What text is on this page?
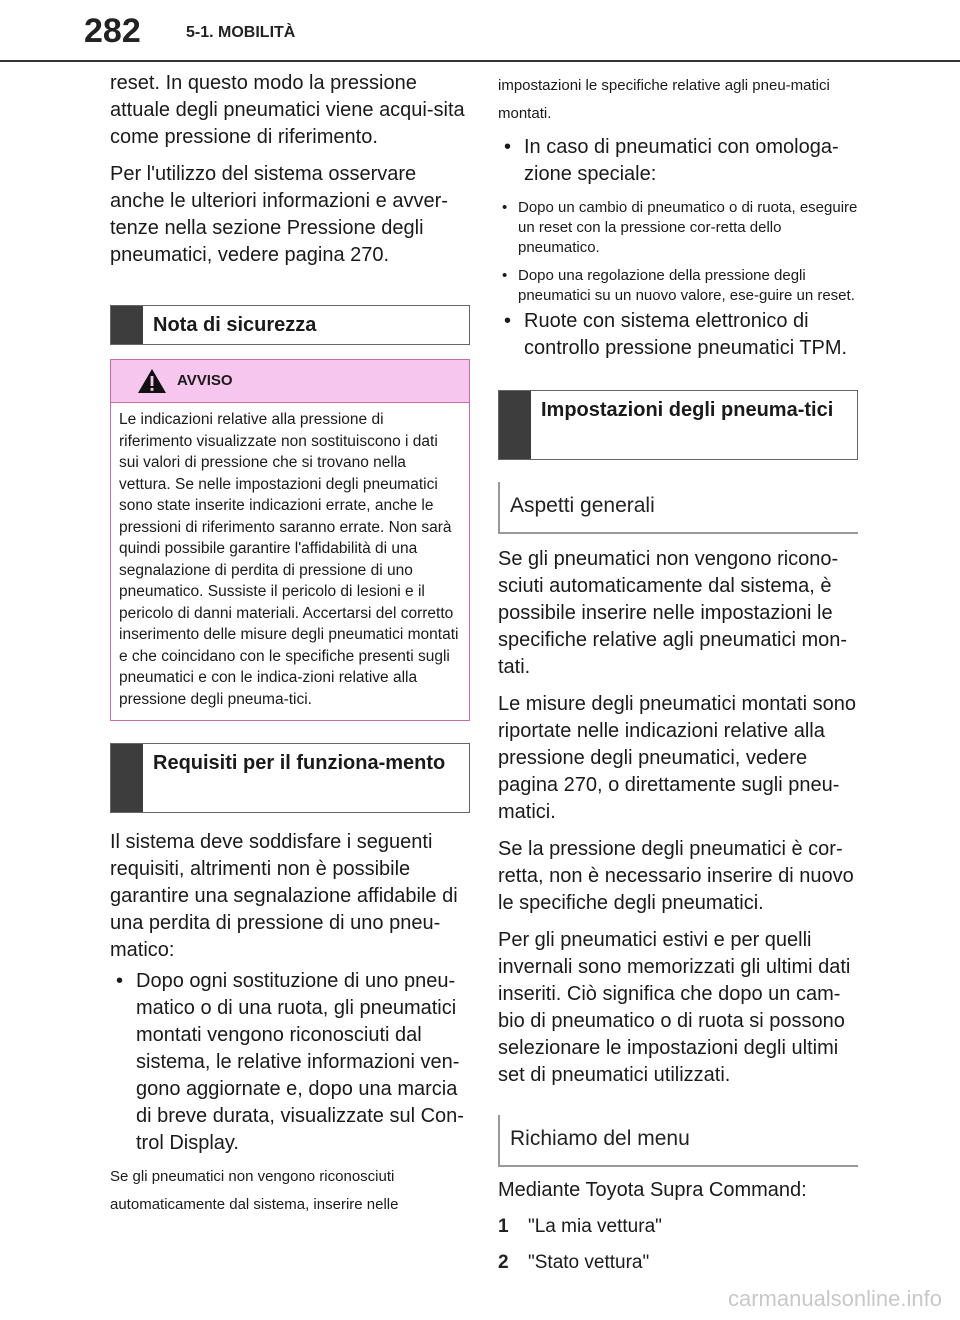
282	5-1. MOBILITÀ

reset. In questo modo la pressione attuale degli pneumatici viene acqui-sita come pressione di riferimento.

Per l'utilizzo del sistema osservare anche le ulteriori informazioni e avver-tenze nella sezione Pressione degli pneumatici, vedere pagina 270.

Nota di sicurezza
AVVISO
Le indicazioni relative alla pressione di riferimento visualizzate non sostituiscono i dati sui valori di pressione che si trovano nella vettura. Se nelle impostazioni degli pneumatici sono state inserite indicazioni errate, anche le pressioni di riferimento saranno errate. Non sarà quindi possibile garantire l'affidabilità di una segnalazione di perdita di pressione di uno pneumatico. Sussiste il pericolo di lesioni e il pericolo di danni materiali. Accertarsi del corretto inserimento delle misure degli pneumatici montati e che coincidano con le specifiche presenti sugli pneumatici e con le indica-zioni relative alla pressione degli pneuma-tici.
Requisiti per il funziona-mento

Il sistema deve soddisfare i seguenti requisiti, altrimenti non è possibile garantire una segnalazione affidabile di una perdita di pressione di uno pneu-matico:

• Dopo ogni sostituzione di uno pneu-matico o di una ruota, gli pneumatici montati vengono riconosciuti dal sistema, le relative informazioni ven-gono aggiornate e, dopo una marcia di breve durata, visualizzate sul Con-trol Display.

Se gli pneumatici non vengono riconosciuti automaticamente dal sistema, inserire nelle

impostazioni le specifiche relative agli pneu-matici montati.

• In caso di pneumatici con omologa-zione speciale:
• Dopo un cambio di pneumatico o di ruota, eseguire un reset con la pressione cor-retta dello pneumatico.
• Dopo una regolazione della pressione degli pneumatici su un nuovo valore, ese-guire un reset.
• Ruote con sistema elettronico di controllo pressione pneumatici TPM.
Impostazioni degli pneuma-tici
Aspetti generali

Se gli pneumatici non vengono ricono-sciuti automaticamente dal sistema, è possibile inserire nelle impostazioni le specifiche relative agli pneumatici mon-tati.

Le misure degli pneumatici montati sono riportate nelle indicazioni relative alla pressione degli pneumatici, vedere pagina 270, o direttamente sugli pneu-matici.

Se la pressione degli pneumatici è cor-retta, non è necessario inserire di nuovo le specifiche degli pneumatici.

Per gli pneumatici estivi e per quelli invernali sono memorizzati gli ultimi dati inseriti. Ciò significa che dopo un cam-bio di pneumatico o di ruota si possono selezionare le impostazioni degli ultimi set di pneumatici utilizzati.

Richiamo del menu

Mediante Toyota Supra Command:

1	"La mia vettura"
2	"Stato vettura"
carmanualsonline.info
